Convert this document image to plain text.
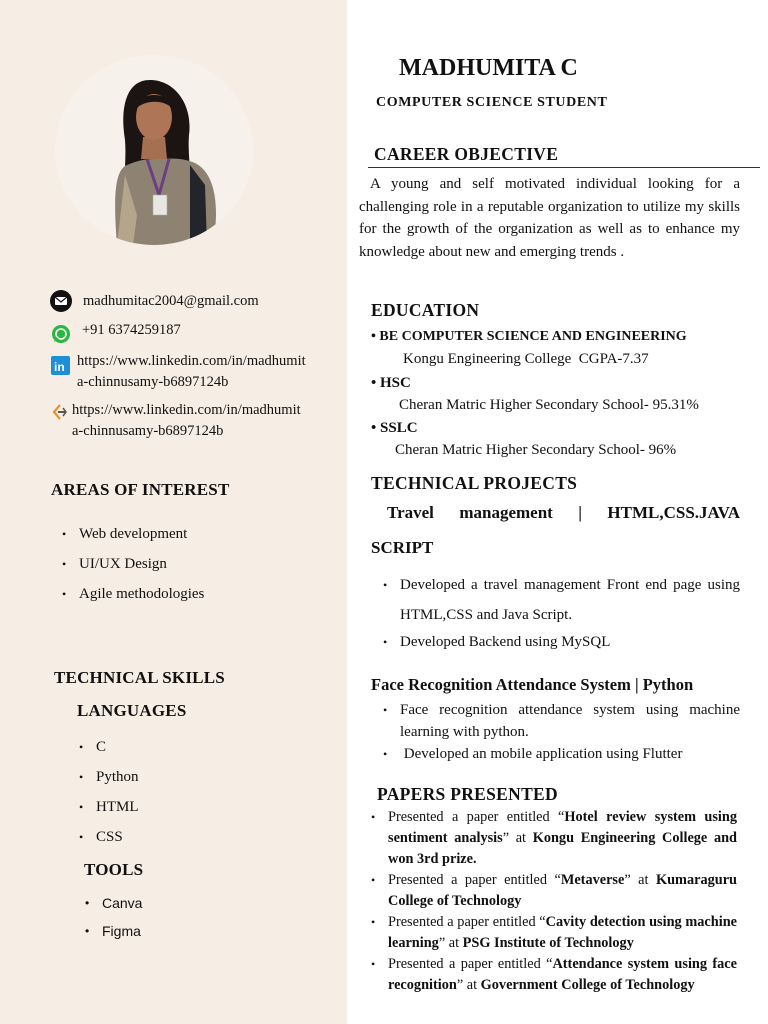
madhumitac2004@gmail.com
+91 6374259187
in https://www.linkedin.com/in/madhumit
a-chinnusamy-b6897124b
https://www.linkedin.com/in/madhumit
a-chinnusamy-b6897124b
AREAS OF INTEREST
• Web development
• UI/UX Design
• Agile methodologies
TECHNICAL SKILLS
LANGUAGES
• C
• Python
• HTML
• CSS
TOOLS
• Canva
• Figma
MADHUMITA C
COMPUTER SCIENCE STUDENT
CAREER OBJECTIVE
A young and self motivated individual looking for a challenging role in a reputable organization to utilize my skills for the growth of the organization as well as to enhance my knowledge about new and emerging trends .
EDUCATION
• BE COMPUTER SCIENCE AND ENGINEERING
Kongu Engineering College  CGPA-7.37
• HSC
Cheran Matric Higher Secondary School- 95.31%
• SSLC
Cheran Matric Higher Secondary School- 96%
TECHNICAL PROJECTS
Travel management | HTML,CSS.JAVA
SCRIPT
• Developed a travel management Front end page using HTML,CSS and Java Script.
• Developed Backend using MySQL
Face Recognition Attendance System | Python
• Face recognition attendance system using machine learning with python.
•  Developed an mobile application using Flutter
PAPERS PRESENTED
• Presented a paper entitled “Hotel review system using sentiment analysis” at Kongu Engineering College and won 3rd prize.
• Presented a paper entitled “Metaverse” at Kumaraguru College of Technology
• Presented a paper entitled “Cavity detection using machine learning” at PSG Institute of Technology
• Presented a paper entitled “Attendance system using face recognition” at Government College of Technology
